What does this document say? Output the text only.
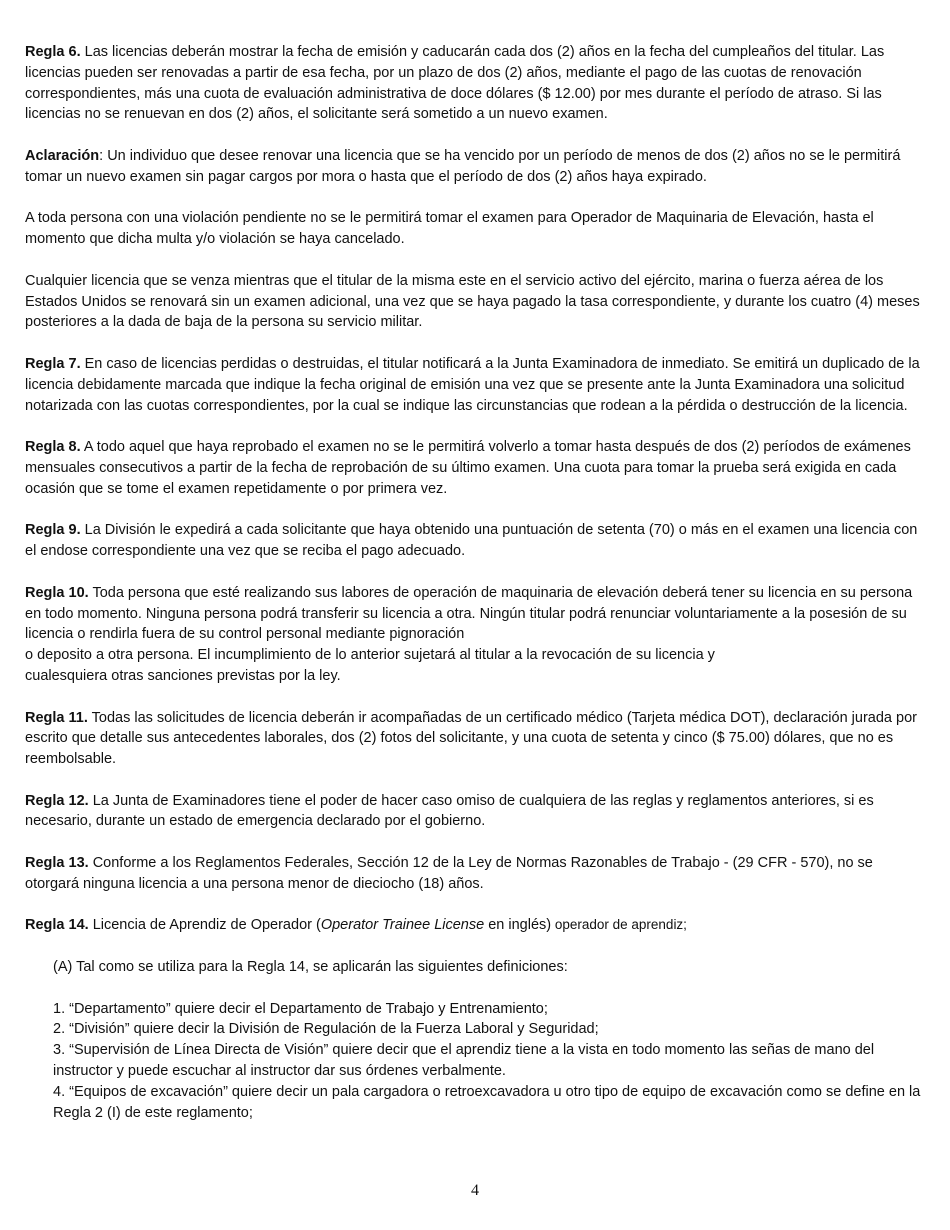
Regla 6. Las licencias deberán mostrar la fecha de emisión y caducarán cada dos (2) años en la fecha del cumpleaños del titular. Las licencias pueden ser renovadas a partir de esa fecha, por un plazo de dos (2) años, mediante el pago de las cuotas de renovación correspondientes, más una cuota de evaluación administrativa de doce dólares ($ 12.00) por mes durante el período de atraso. Si las licencias no se renuevan en dos (2) años, el solicitante será sometido a un nuevo examen.

Aclaración: Un individuo que desee renovar una licencia que se ha vencido por un período de menos de dos (2) años no se le permitirá tomar un nuevo examen sin pagar cargos por mora o hasta que el período de dos (2) años haya expirado.

A toda persona con una violación pendiente no se le permitirá tomar el examen para Operador de Maquinaria de Elevación, hasta el momento que dicha multa y/o violación se haya cancelado.

Cualquier licencia que se venza mientras que el titular de la misma este en el servicio activo del ejército, marina o fuerza aérea de los Estados Unidos se renovará sin un examen adicional, una vez que se haya pagado la tasa correspondiente, y durante los cuatro (4) meses posteriores a la dada de baja de la persona su servicio militar.

Regla 7. En caso de licencias perdidas o destruidas, el titular notificará a la Junta Examinadora de inmediato. Se emitirá un duplicado de la licencia debidamente marcada que indique la fecha original de emisión una vez que se presente ante la Junta Examinadora una solicitud notarizada con las cuotas correspondientes, por la cual se indique las circunstancias que rodean a la pérdida o destrucción de la licencia.

Regla 8. A todo aquel que haya reprobado el examen no se le permitirá volverlo a tomar hasta después de dos (2) períodos de exámenes mensuales consecutivos a partir de la fecha de reprobación de su último examen. Una cuota para tomar la prueba será exigida en cada ocasión que se tome el examen repetidamente o por primera vez.

Regla 9. La División le expedirá a cada solicitante que haya obtenido una puntuación de setenta (70) o más en el examen una licencia con el endose correspondiente una vez que se reciba el pago adecuado.

Regla 10. Toda persona que esté realizando sus labores de operación de maquinaria de elevación deberá tener su licencia en su persona en todo momento. Ninguna persona podrá transferir su licencia a otra. Ningún titular podrá renunciar voluntariamente a la posesión de su licencia o rendirla fuera de su control personal mediante pignoración
o deposito a otra persona. El incumplimiento de lo anterior sujetará al titular a la revocación de su licencia y
cualesquiera otras sanciones previstas por la ley.

Regla 11. Todas las solicitudes de licencia deberán ir acompañadas de un certificado médico (Tarjeta médica DOT), declaración jurada por escrito que detalle sus antecedentes laborales, dos (2) fotos del solicitante, y una cuota de setenta y cinco ($ 75.00) dólares, que no es reembolsable.

Regla 12. La Junta de Examinadores tiene el poder de hacer caso omiso de cualquiera de las reglas y reglamentos anteriores, si es necesario, durante un estado de emergencia declarado por el gobierno.

Regla 13. Conforme a los Reglamentos Federales, Sección 12 de la Ley de Normas Razonables de Trabajo - (29 CFR - 570), no se otorgará ninguna licencia a una persona menor de dieciocho (18) años.

Regla 14. Licencia de Aprendiz de Operador (Operator Trainee License en inglés) operador de aprendiz;

(A) Tal como se utiliza para la Regla 14, se aplicarán las siguientes definiciones:

1. “Departamento” quiere decir el Departamento de Trabajo y Entrenamiento;

2. “División” quiere decir la División de Regulación de la Fuerza Laboral y Seguridad;

3. “Supervisión de Línea Directa de Visión” quiere decir que el aprendiz tiene a la vista en todo momento las señas de mano del instructor y puede escuchar al instructor dar sus órdenes verbalmente.

4. “Equipos de excavación” quiere decir un pala cargadora o retroexcavadora u otro tipo de equipo de excavación como se define en la Regla 2 (I) de este reglamento;

4
